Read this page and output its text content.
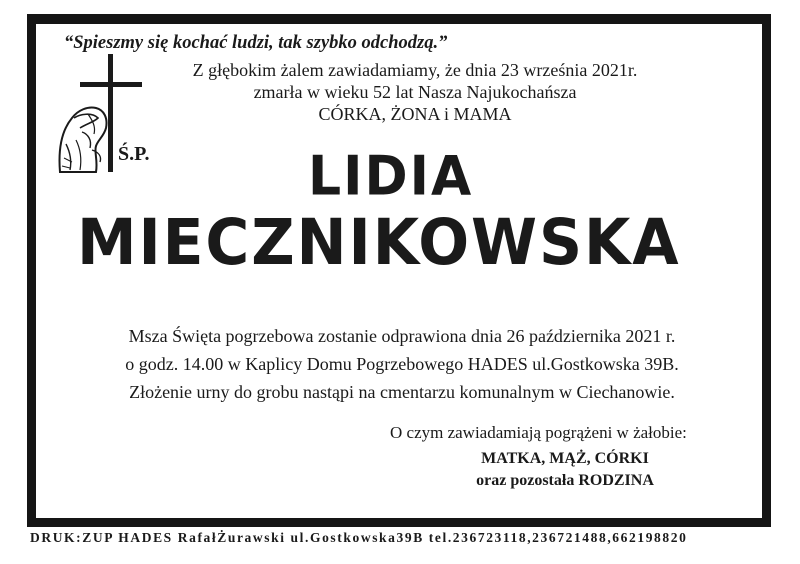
“Spieszmy się kochać ludzi, tak szybko odchodzą.”
Z głębokim żalem zawiadamiamy, że dnia 23 września 2021r.
zmarła w wieku 52 lat Nasza Najukochańsza
CÓRKA, ŻONA i MAMA
Ś.P.	LIDIA
MIECZNIKOWSKA
Msza Święta pogrzebowa zostanie odprawiona dnia 26 października 2021 r.
o godz. 14.00 w Kaplicy Domu Pogrzebowego HADES ul.Gostkowska 39B.
Złożenie urny do grobu nastąpi na cmentarzu komunalnym w Ciechanowie.
O czym zawiadamiają pogrążeni w żałobie:
MATKA, MĄŻ, CÓRKI
oraz pozostała RODZINA
DRUK:ZUP HADES RafałŻurawski ul.Gostkowska39B tel.236723118,236721488,662198820
